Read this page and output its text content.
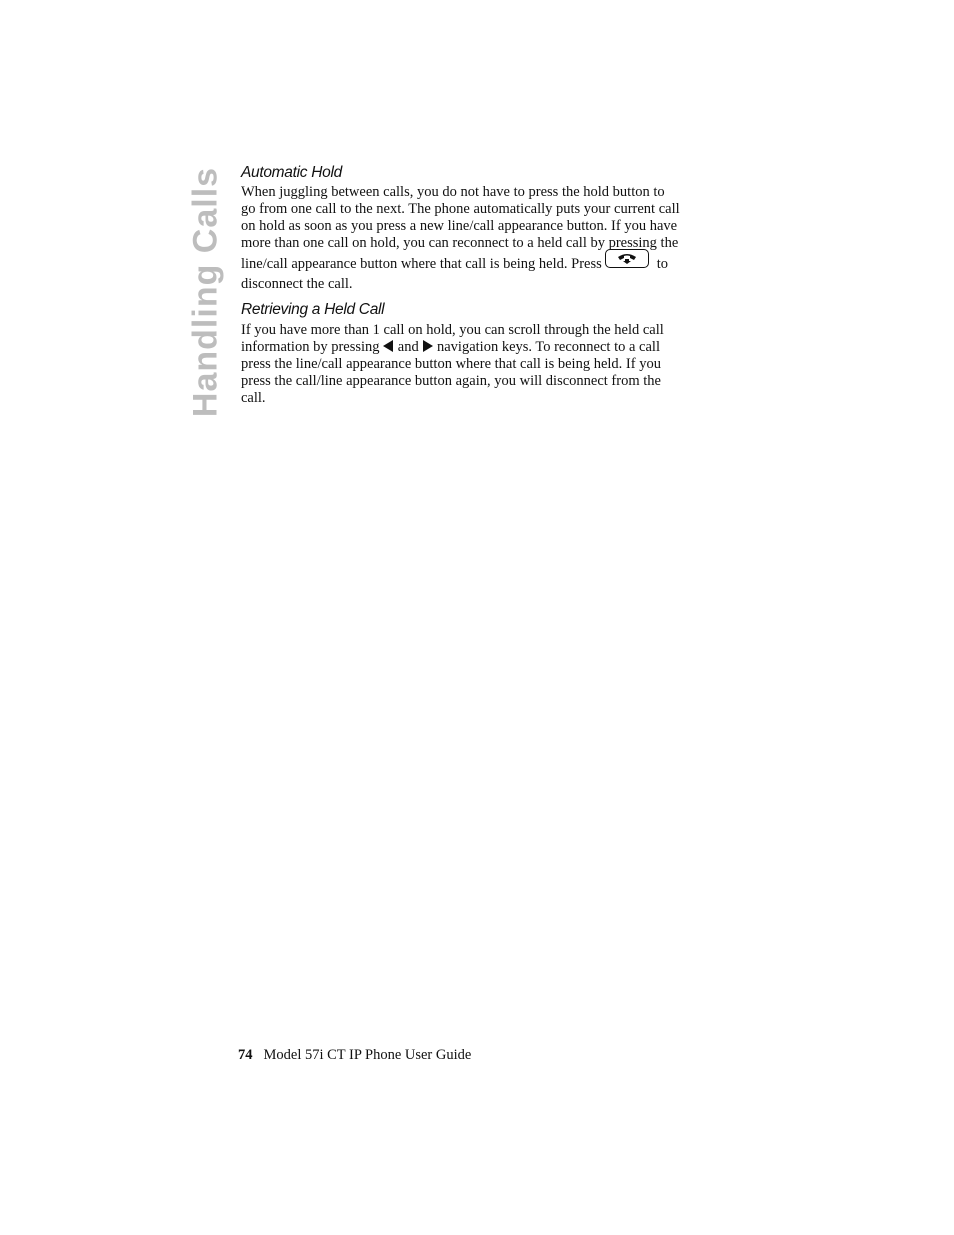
Handling Calls Automatic Hold

When juggling between calls, you do not have to press the hold button to
go from one call to the next. The phone automatically puts your current call
on hold as soon as you press a new line/call appearance button. If you have
more than one call on hold, you can reconnect to a held call by pressing the
line/call appearance button where that call is being held. Press	to
disconnect the call.

Retrieving a Held Call

If you have more than 1 call on hold, you can scroll through the held call
information by pressing and navigation keys. To reconnect to a call
press the line/call appearance button where that call is being held. If you
press the call/line appearance button again, you will disconnect from the
call.

74 Model 57i CT IP Phone User Guide
